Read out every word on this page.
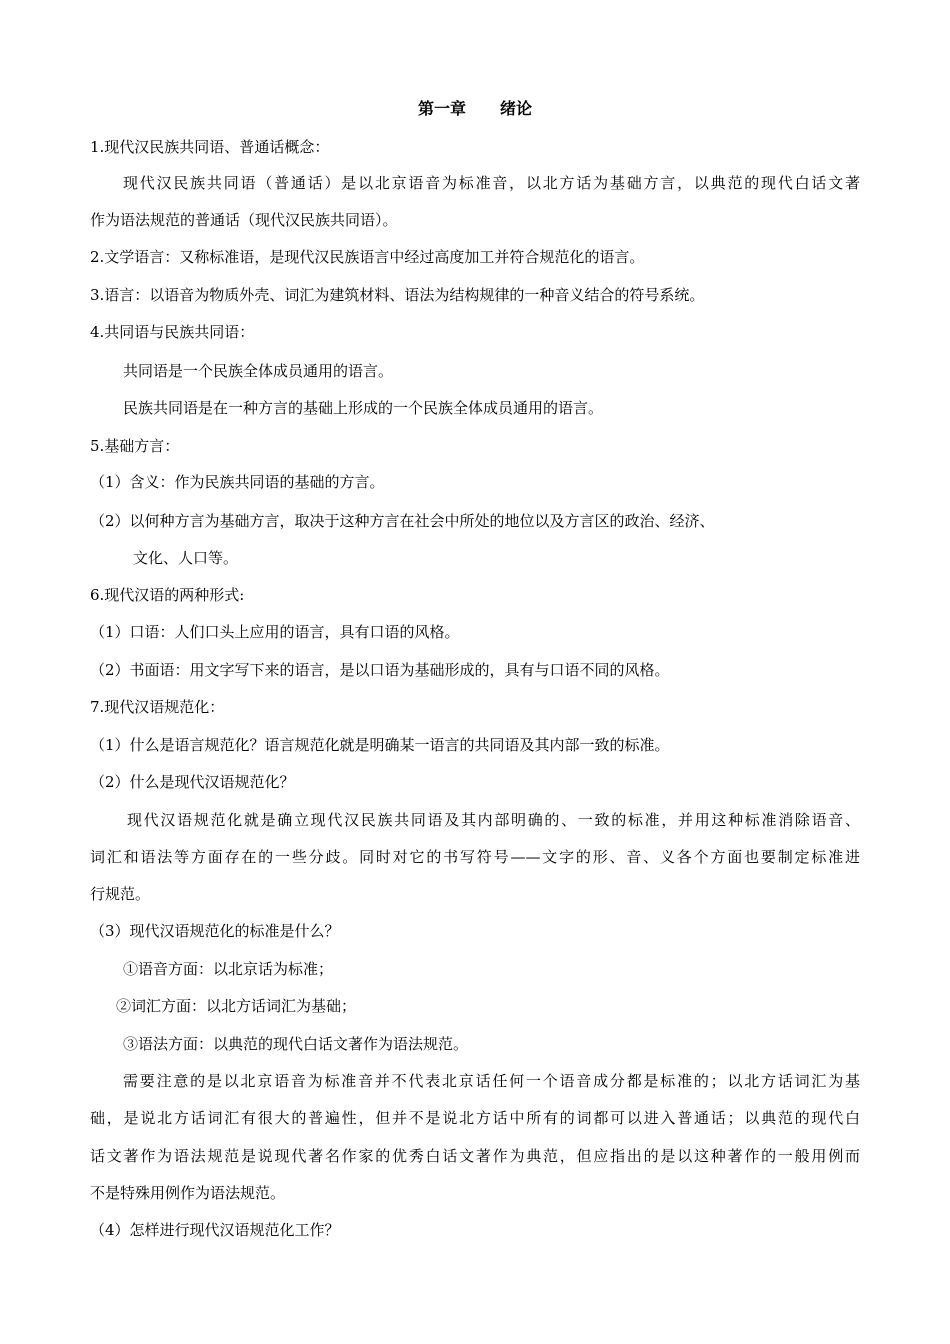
第一章 绪论
1.现代汉民族共同语、普通话概念：
现代汉民族共同语（普通话）是以北京语音为标准音，以北方话为基础方言，以典范的现代白话文著
作为语法规范的普通话（现代汉民族共同语）。
2.文学语言：又称标准语，是现代汉民族语言中经过高度加工并符合规范化的语言。
3.语言：以语音为物质外壳、词汇为建筑材料、语法为结构规律的一种音义结合的符号系统。
4.共同语与民族共同语：
共同语是一个民族全体成员通用的语言。
民族共同语是在一种方言的基础上形成的一个民族全体成员通用的语言。
5.基础方言：
（1）含义：作为民族共同语的基础的方言。
（2）以何种方言为基础方言，取决于这种方言在社会中所处的地位以及方言区的政治、经济、
文化、人口等。
6.现代汉语的两种形式:
（1）口语：人们口头上应用的语言，具有口语的风格。
（2）书面语：用文字写下来的语言，是以口语为基础形成的，具有与口语不同的风格。
7.现代汉语规范化：
（1）什么是语言规范化？语言规范化就是明确某一语言的共同语及其内部一致的标准。
（2）什么是现代汉语规范化？
现代汉语规范化就是确立现代汉民族共同语及其内部明确的、一致的标准，并用这种标准消除语音、
词汇和语法等方面存在的一些分歧。同时对它的书写符号——文字的形、音、义各个方面也要制定标准进
行规范。
（3）现代汉语规范化的标准是什么？
①语音方面：以北京话为标准；
②词汇方面：以北方话词汇为基础；
③语法方面：以典范的现代白话文著作为语法规范。
需要注意的是以北京语音为标准音并不代表北京话任何一个语音成分都是标准的；以北方话词汇为基
础，是说北方话词汇有很大的普遍性，但并不是说北方话中所有的词都可以进入普通话；以典范的现代白
话文著作为语法规范是说现代著名作家的优秀白话文著作为典范，但应指出的是以这种著作的一般用例而
不是特殊用例作为语法规范。
（4）怎样进行现代汉语规范化工作？
